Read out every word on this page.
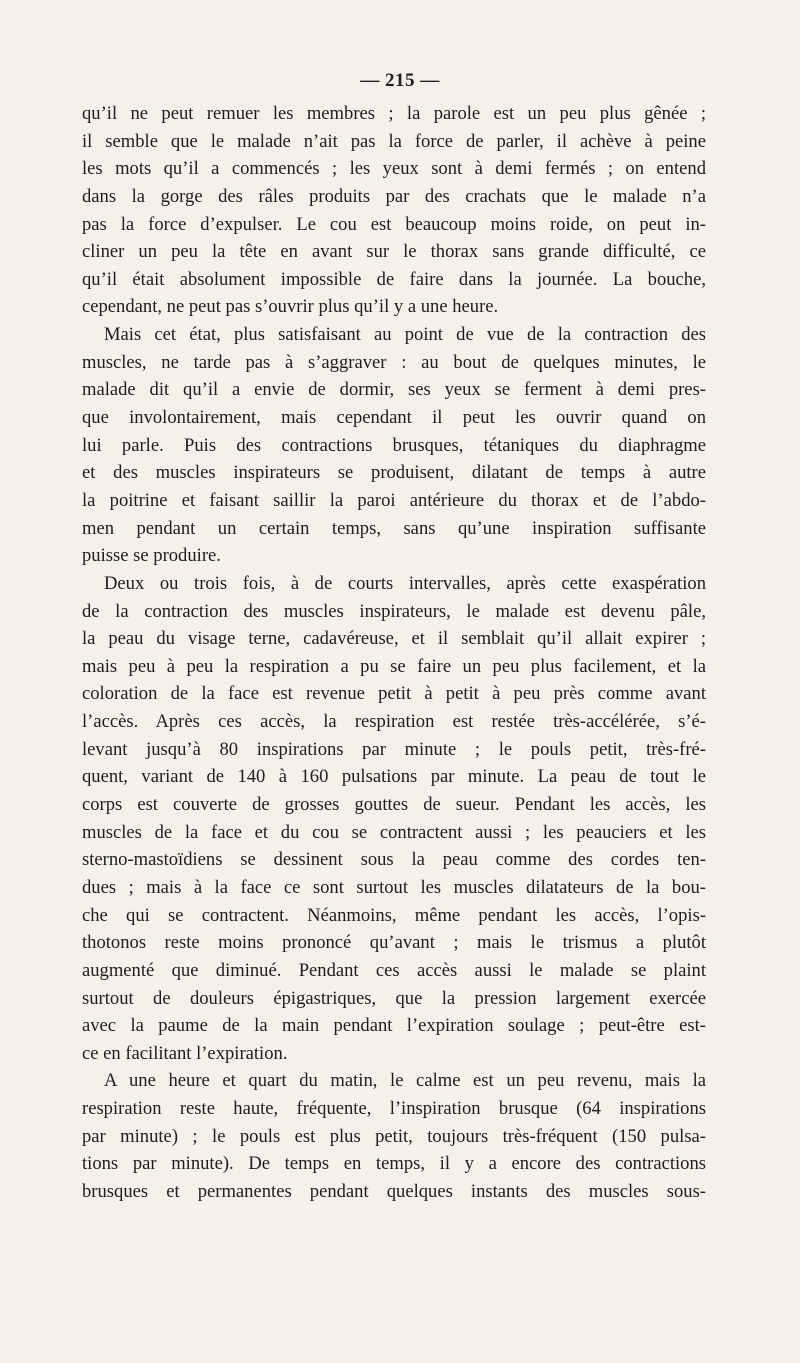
— 215 —
qu’il ne peut remuer les membres ; la parole est un peu plus gênée ;
il semble que le malade n’ait pas la force de parler, il achève à peine
les mots qu’il a commencés ; les yeux sont à demi fermés ; on entend
dans la gorge des râles produits par des crachats que le malade n’a
pas la force d’expulser. Le cou est beaucoup moins roide, on peut in-
cliner un peu la tête en avant sur le thorax sans grande difficulté, ce
qu’il était absolument impossible de faire dans la journée. La bouche,
cependant, ne peut pas s’ouvrir plus qu’il y a une heure.
Mais cet état, plus satisfaisant au point de vue de la contraction des
muscles, ne tarde pas à s’aggraver : au bout de quelques minutes, le
malade dit qu’il a envie de dormir, ses yeux se ferment à demi pres-
que involontairement, mais cependant il peut les ouvrir quand on
lui parle. Puis des contractions brusques, tétaniques du diaphragme
et des muscles inspirateurs se produisent, dilatant de temps à autre
la poitrine et faisant saillir la paroi antérieure du thorax et de l’abdo-
men pendant un certain temps, sans qu’une inspiration suffisante
puisse se produire.
Deux ou trois fois, à de courts intervalles, après cette exaspération
de la contraction des muscles inspirateurs, le malade est devenu pâle,
la peau du visage terne, cadavéreuse, et il semblait qu’il allait expirer ;
mais peu à peu la respiration a pu se faire un peu plus facilement, et la
coloration de la face est revenue petit à petit à peu près comme avant
l’accès. Après ces accès, la respiration est restée très-accélérée, s’é-
levant jusqu’à 80 inspirations par minute ; le pouls petit, très-fré-
quent, variant de 140 à 160 pulsations par minute. La peau de tout le
corps est couverte de grosses gouttes de sueur. Pendant les accès, les
muscles de la face et du cou se contractent aussi ; les peauciers et les
sterno-mastoïdiens se dessinent sous la peau comme des cordes ten-
dues ; mais à la face ce sont surtout les muscles dilatateurs de la bou-
che qui se contractent. Néanmoins, même pendant les accès, l’opis-
thotonos reste moins prononcé qu’avant ; mais le trismus a plutôt
augmenté que diminué. Pendant ces accès aussi le malade se plaint
surtout de douleurs épigastriques, que la pression largement exercée
avec la paume de la main pendant l’expiration soulage ; peut-être est-
ce en facilitant l’expiration.
A une heure et quart du matin, le calme est un peu revenu, mais la
respiration reste haute, fréquente, l’inspiration brusque (64 inspirations
par minute) ; le pouls est plus petit, toujours très-fréquent (150 pulsa-
tions par minute). De temps en temps, il y a encore des contractions
brusques et permanentes pendant quelques instants des muscles sous-
